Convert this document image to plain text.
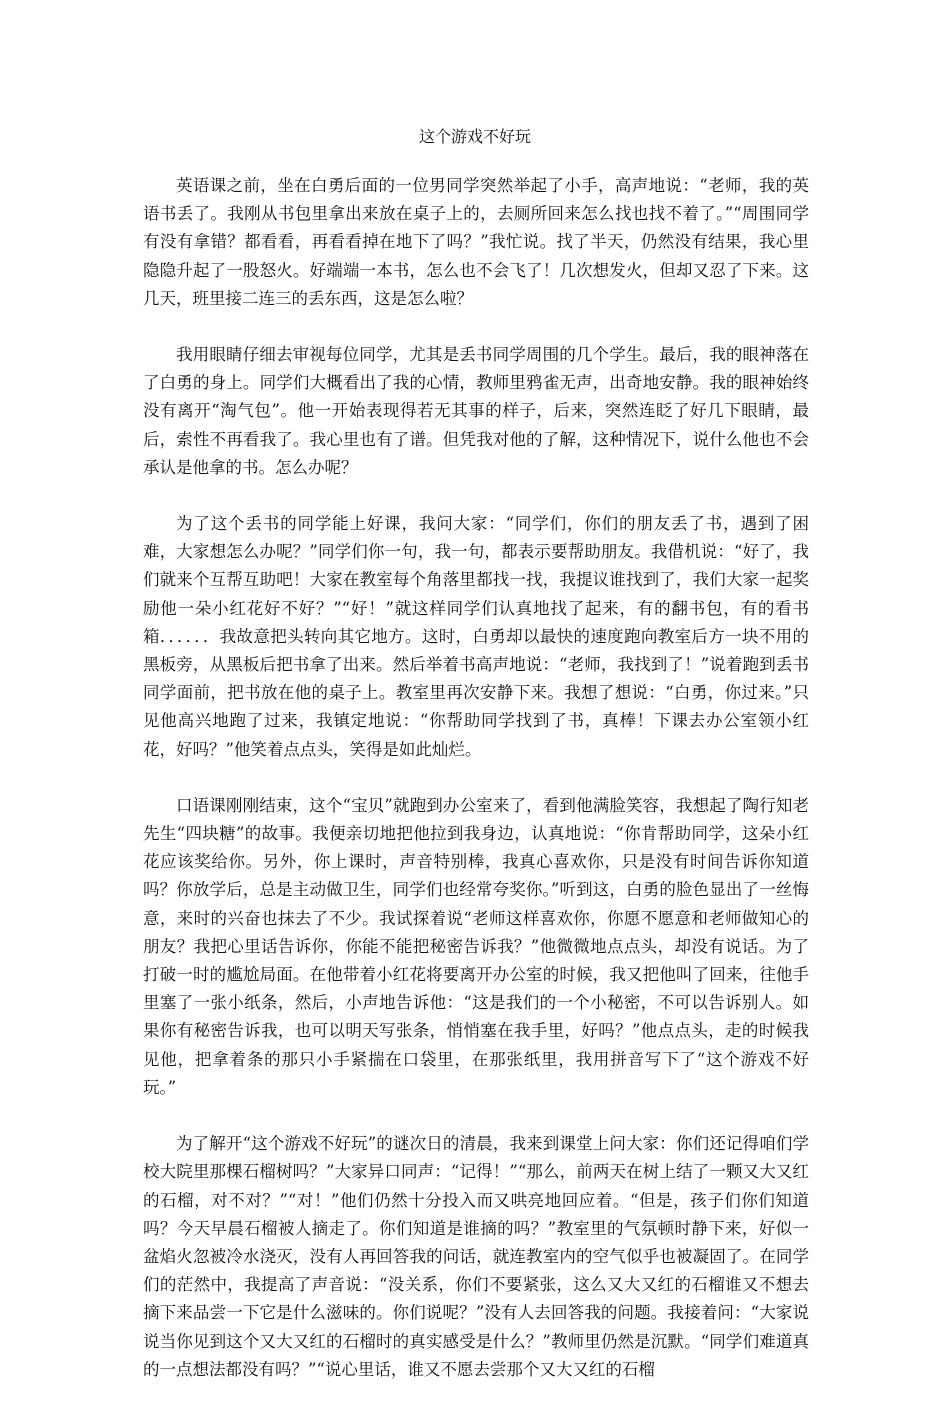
这个游戏不好玩

英语课之前，坐在白勇后面的一位男同学突然举起了小手，高声地说：“老师，我的英语书丢了。我刚从书包里拿出来放在桌子上的，去厕所回来怎么找也找不着了。”“周围同学有没有拿错？都看看，再看看掉在地下了吗？”我忙说。找了半天，仍然没有结果，我心里隐隐升起了一股怒火。好端端一本书，怎么也不会飞了！几次想发火，但却又忍了下来。这几天，班里接二连三的丢东西，这是怎么啦？

我用眼睛仔细去审视每位同学，尤其是丢书同学周围的几个学生。最后，我的眼神落在了白勇的身上。同学们大概看出了我的心情，教师里鸦雀无声，出奇地安静。我的眼神始终没有离开“淘气包”。他一开始表现得若无其事的样子，后来，突然连眨了好几下眼睛，最后，索性不再看我了。我心里也有了谱。但凭我对他的了解，这种情况下，说什么他也不会承认是他拿的书。怎么办呢？

为了这个丢书的同学能上好课，我问大家：“同学们，你们的朋友丢了书，遇到了困难，大家想怎么办呢？”同学们你一句，我一句，都表示要帮助朋友。我借机说：“好了，我们就来个互帮互助吧！大家在教室每个角落里都找一找，我提议谁找到了，我们大家一起奖励他一朵小红花好不好？”“好！”就这样同学们认真地找了起来，有的翻书包，有的看书箱．．．．．．我故意把头转向其它地方。这时，白勇却以最快的速度跑向教室后方一块不用的黑板旁，从黑板后把书拿了出来。然后举着书高声地说：“老师，我找到了！”说着跑到丢书同学面前，把书放在他的桌子上。教室里再次安静下来。我想了想说：“白勇，你过来。”只见他高兴地跑了过来，我镇定地说：“你帮助同学找到了书，真棒！下课去办公室领小红花，好吗？”他笑着点点头，笑得是如此灿烂。

口语课刚刚结束，这个“宝贝”就跑到办公室来了，看到他满脸笑容，我想起了陶行知老先生“四块糖”的故事。我便亲切地把他拉到我身边，认真地说：“你肯帮助同学，这朵小红花应该奖给你。另外，你上课时，声音特别棒，我真心喜欢你，只是没有时间告诉你知道吗？你放学后，总是主动做卫生，同学们也经常夸奖你。”听到这，白勇的脸色显出了一丝悔意，来时的兴奋也抹去了不少。我试探着说“老师这样喜欢你，你愿不愿意和老师做知心的朋友？我把心里话告诉你，你能不能把秘密告诉我？”他微微地点点头，却没有说话。为了打破一时的尴尬局面。在他带着小红花将要离开办公室的时候，我又把他叫了回来，往他手里塞了一张小纸条，然后，小声地告诉他：“这是我们的一个小秘密，不可以告诉别人。如果你有秘密告诉我，也可以明天写张条，悄悄塞在我手里，好吗？”他点点头，走的时候我见他，把拿着条的那只小手紧揣在口袋里，在那张纸里，我用拼音写下了“这个游戏不好玩。”

为了解开“这个游戏不好玩”的谜次日的清晨，我来到课堂上问大家：你们还记得咱们学校大院里那棵石榴树吗？”大家异口同声：“记得！”“那么，前两天在树上结了一颗又大又红的石榴，对不对？”“对！”他们仍然十分投入而又哄亮地回应着。“但是，孩子们你们知道吗？今天早晨石榴被人摘走了。你们知道是谁摘的吗？”教室里的气氛顿时静下来，好似一盆焰火忽被冷水浇灭，没有人再回答我的问话，就连教室内的空气似乎也被凝固了。在同学们的茫然中，我提高了声音说：“没关系，你们不要紧张，这么又大又红的石榴谁又不想去摘下来品尝一下它是什么滋味的。你们说呢？”没有人去回答我的问题。我接着问：“大家说说当你见到这个又大又红的石榴时的真实感受是什么？”教师里仍然是沉默。“同学们难道真的一点想法都没有吗？”“说心里话，谁又不愿去尝那个又大又红的石榴
